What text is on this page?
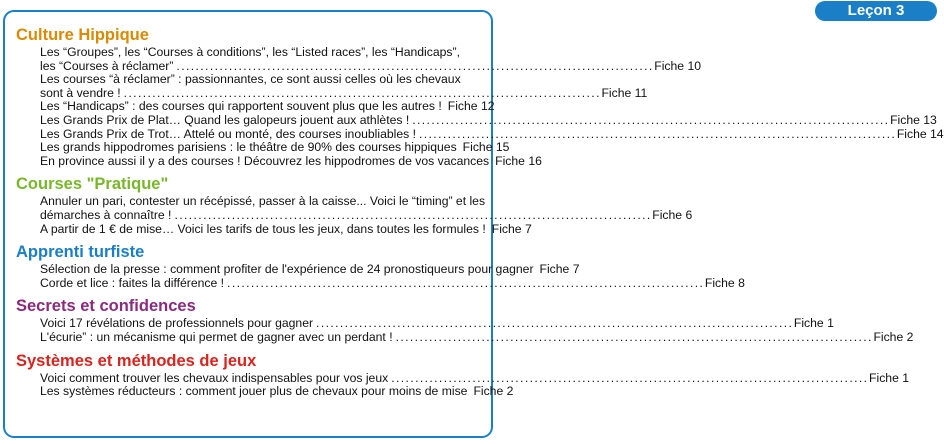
Leçon 3
Culture Hippique
Les “Groupes”, les “Courses à conditions”, les “Listed races”, les “Handicaps”,
les “Courses à réclamer” . . .	Fiche 10
Les courses “à réclamer” : passionnantes, ce sont aussi celles où les chevaux
sont à vendre ! . . .	Fiche 11
Les “Handicaps” : des courses qui rapportent souvent plus que les autres ! Fiche 12
Les Grands Prix de Plat… Quand les galopeurs jouent aux athlètes ! . . .	Fiche 13
Les Grands Prix de Trot… Attelé ou monté, des courses inoubliables ! . . .	Fiche 14
Les grands hippodromes parisiens : le théâtre de 90% des courses hippiques Fiche 15
En province aussi il y a des courses ! Découvrez les hippodromes de vos vacances Fiche 16
Courses "Pratique"
Annuler un pari, contester un récépissé, passer à la caisse... Voici le “timing” et les
démarches à connaître ! . . .	Fiche 6
A partir de 1 € de mise… Voici les tarifs de tous les jeux, dans toutes les formules ! Fiche 7
Apprenti turfiste
Sélection de la presse : comment profiter de l'expérience de 24 pronostiqueurs pour gagner Fiche 7
Corde et lice : faites la différence ! . . .	Fiche 8
Secrets et confidences
Voici 17 révélations de professionnels pour gagner . . .	Fiche 1
L'écurie” : un mécanisme qui permet de gagner avec un perdant ! . . .	Fiche 2
Systèmes et méthodes de jeux
Voici comment trouver les chevaux indispensables pour vos jeux . . .	Fiche 1
Les systèmes réducteurs : comment jouer plus de chevaux pour moins de mise Fiche 2
